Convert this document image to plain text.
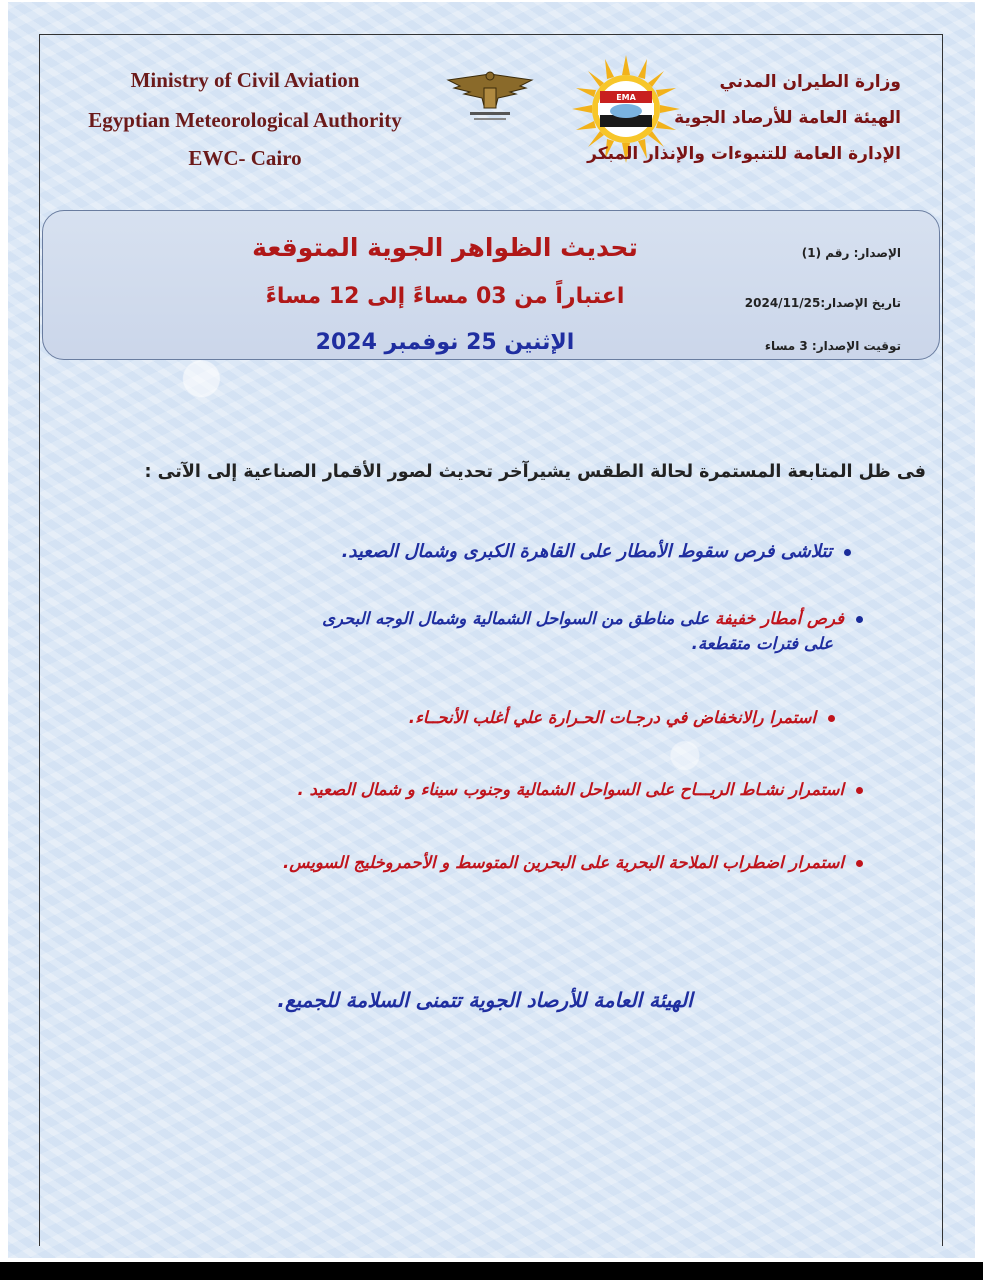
Ministry of Civil Aviation
Egyptian Meteorological Authority
EWC- Cairo
EMA
وزارة الطيران المدني
الهيئة العامة للأرصاد الجوية
الإدارة العامة للتنبوءات والإنذار المبكر
تحديث الظواهر الجوية المتوقعة
اعتباراً من 03 مساءً إلى 12 مساءً
الإثنين 25 نوفمبر 2024
الإصدار: رقم (1)
تاريخ الإصدار:2024/11/25
توقيت الإصدار: 3 مساء
فى ظل المتابعة المستمرة لحالة الطقس يشيرآخر تحديث لصور الأقمار الصناعية إلى الآتى :
تتلاشى فرص سقوط الأمطار على القاهرة الكبرى وشمال الصعيد.
فرص أمطار خفيفة على مناطق من السواحل الشمالية وشمال الوجه البحرى
على فترات متقطعة.
استمرا رالانخفاض في درجـات الحـرارة علي أغلب الأنحــاء.
استمرار نشـاط الريـــاح على السواحل الشمالية وجنوب سيناء و شمال الصعيد .
استمرار اضطراب الملاحة البحرية على البحرين المتوسط و الأحمروخليج السويس.
الهيئة العامة للأرصاد الجوية تتمنى السلامة للجميع.
